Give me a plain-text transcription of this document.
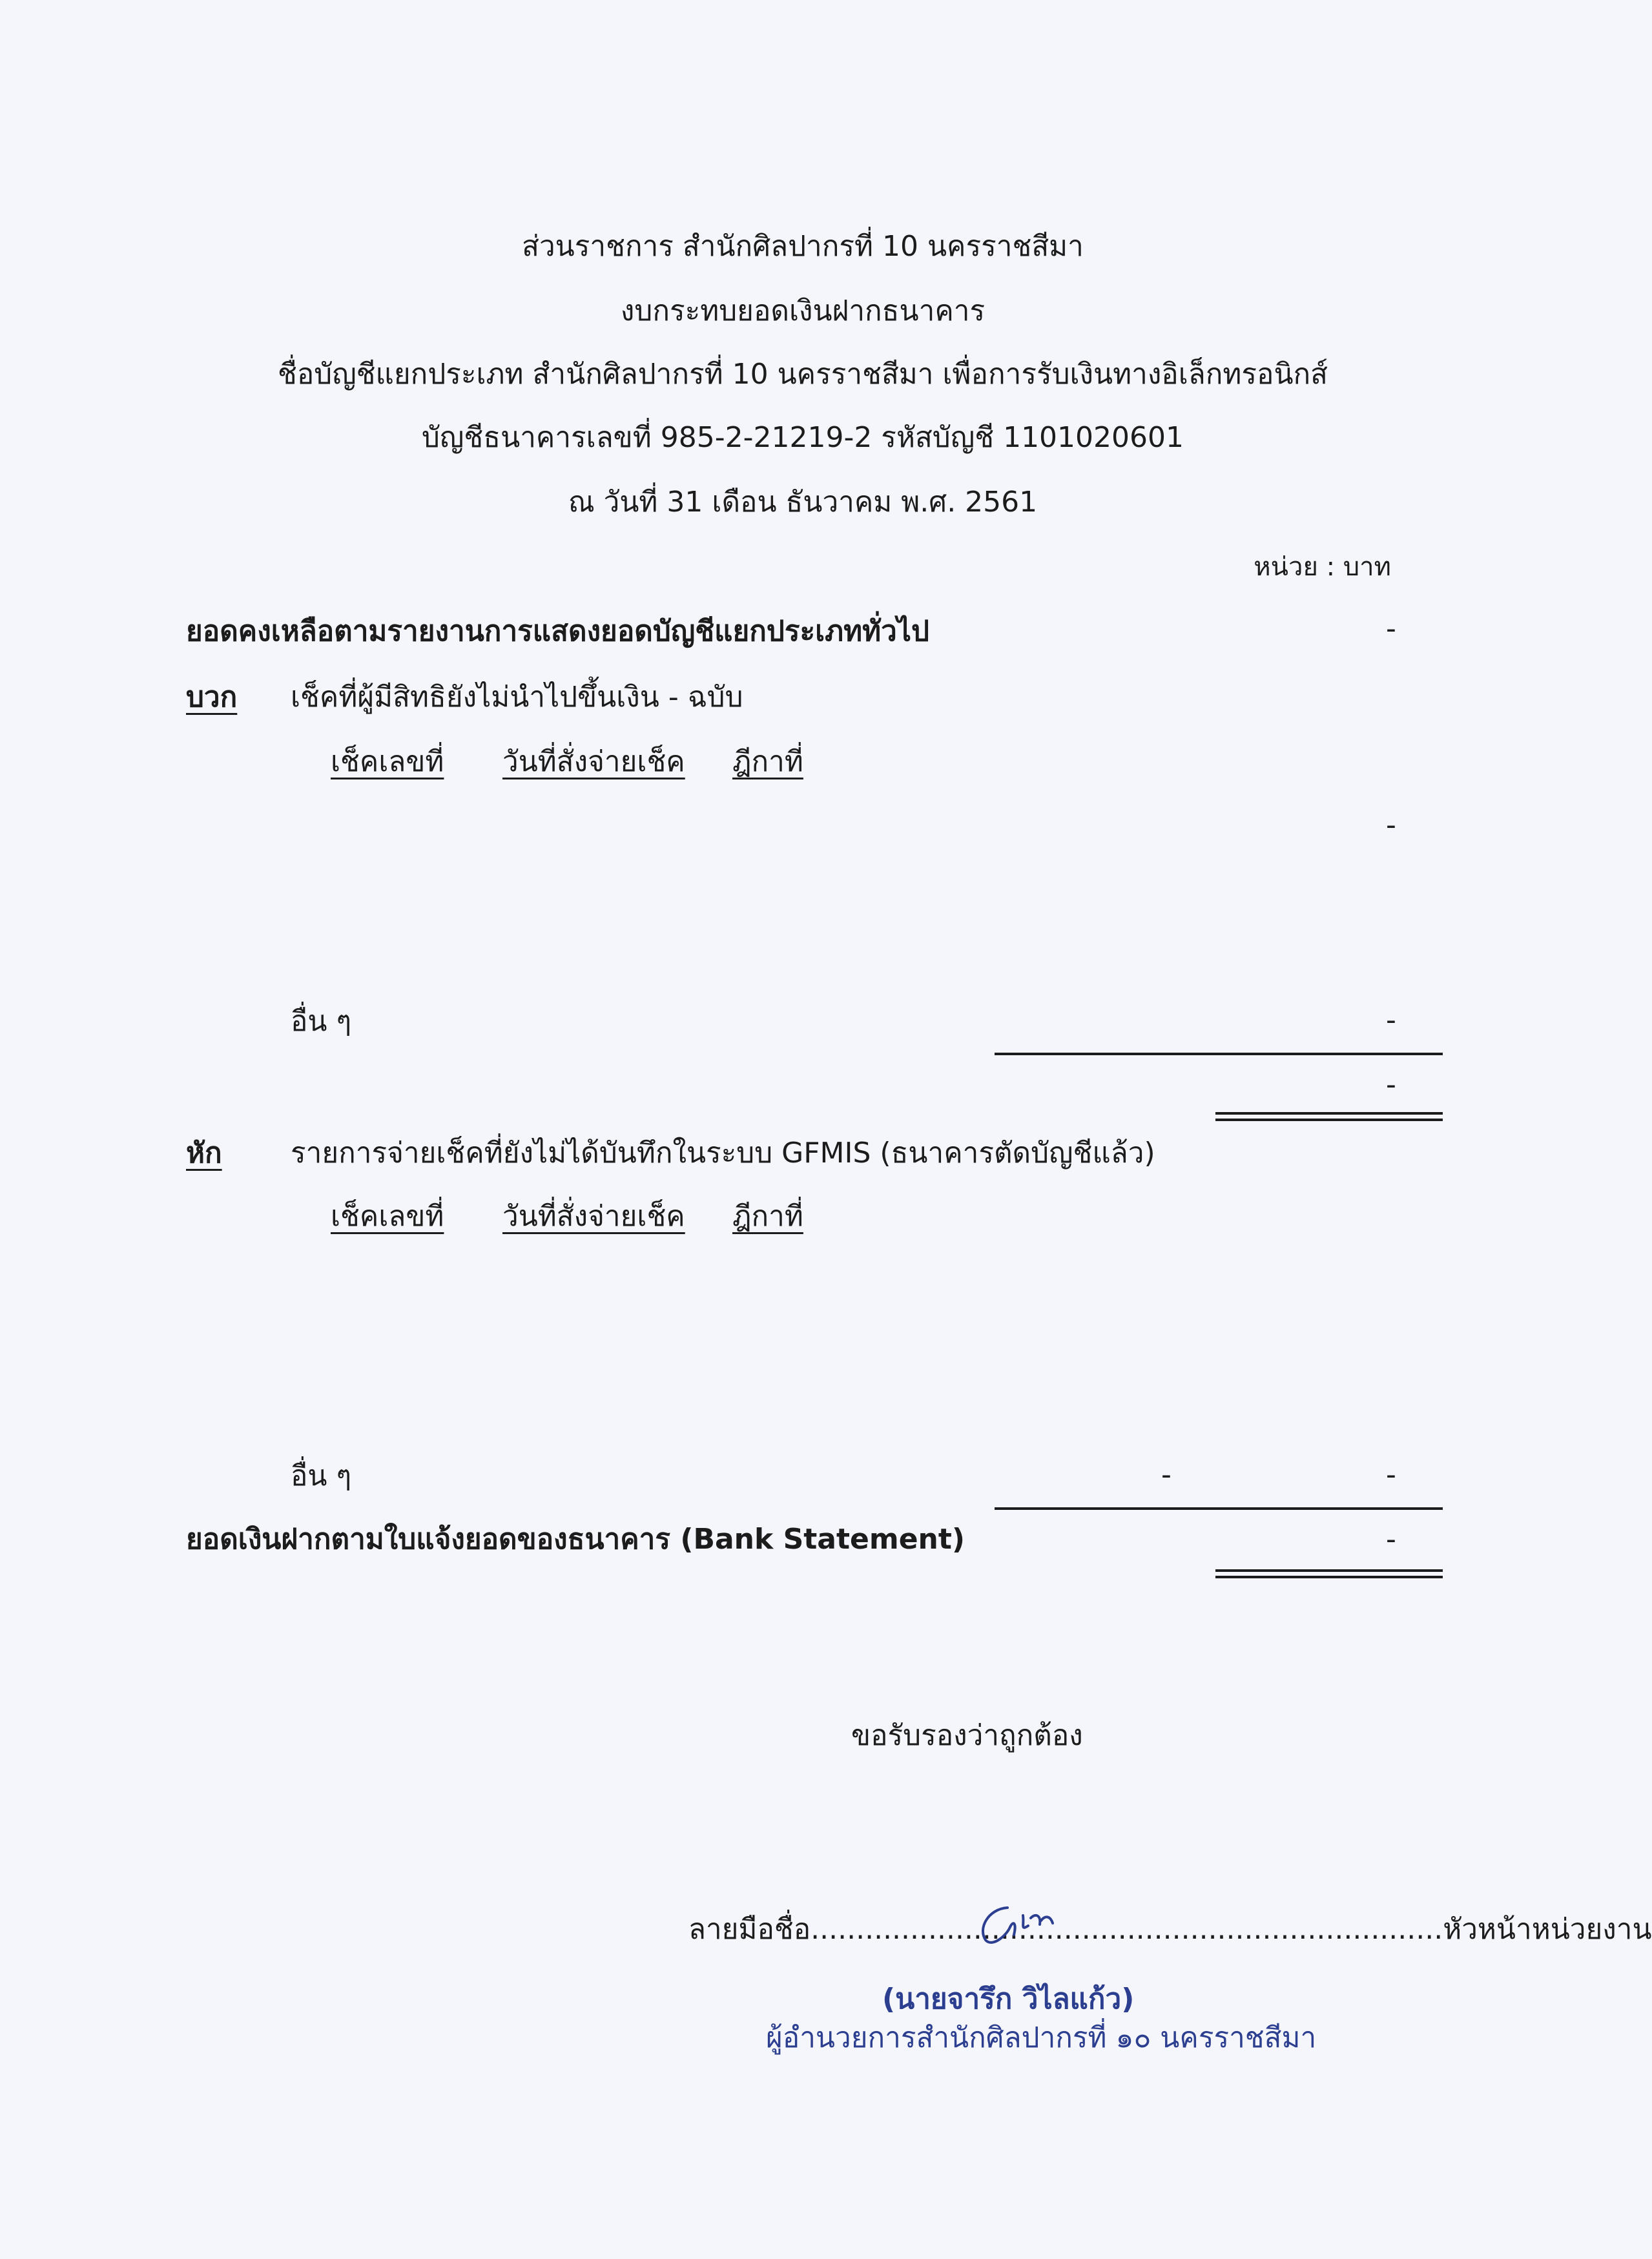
ส่วนราชการ สำนักศิลปากรที่ 10 นครราชสีมา
งบกระทบยอดเงินฝากธนาคาร
ชื่อบัญชีแยกประเภท สำนักศิลปากรที่ 10 นครราชสีมา เพื่อการรับเงินทางอิเล็กทรอนิกส์
บัญชีธนาคารเลขที่ 985-2-21219-2 รหัสบัญชี 1101020601
ณ วันที่ 31 เดือน ธันวาคม พ.ศ. 2561
หน่วย : บาท
ยอดคงเหลือตามรายงานการแสดงยอดบัญชีแยกประเภททั่วไป	-
บวก เช็คที่ผู้มีสิทธิยังไม่นำไปขึ้นเงิน - ฉบับ
เช็คเลขที่ วันที่สั่งจ่ายเช็ค ฎีกาที่
-
อื่น ๆ	-
-
หัก รายการจ่ายเช็คที่ยังไม่ได้บันทึกในระบบ GFMIS (ธนาคารตัดบัญชีแล้ว)
เช็คเลขที่ วันที่สั่งจ่ายเช็ค ฎีกาที่
อื่น ๆ	-	-
ยอดเงินฝากตามใบแจ้งยอดของธนาคาร (Bank Statement)	-
ขอรับรองว่าถูกต้อง
ลายมือชื่อ......................................................................หัวหน้าหน่วยงาน
(นายจารึก วิไลแก้ว)
ผู้อำนวยการสำนักศิลปากรที่ ๑๐ นครราชสีมา
